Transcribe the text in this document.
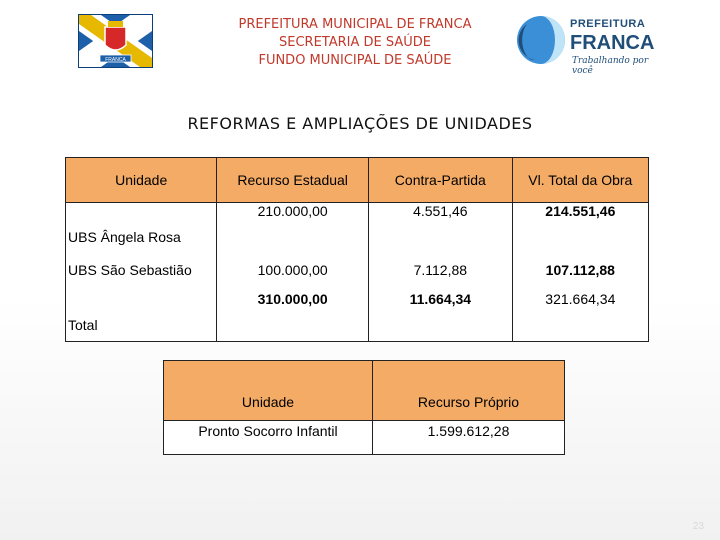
FRANCA
PREFEITURA MUNICIPAL DE FRANCA
SECRETARIA DE SAÚDE
FUNDO MUNICIPAL DE SAÚDE
PREFEITURA
FRANCA
Trabalhando por você
REFORMAS E AMPLIAÇÕES DE UNIDADES
Unidade	Recurso Estadual	Contra-Partida	Vl. Total da Obra
UBS Ângela Rosa	210.000,00	4.551,46	214.551,46
UBS São Sebastião	100.000,00	7.112,88	107.112,88
Total	310.000,00	11.664,34	321.664,34
Unidade	Recurso Próprio
Pronto Socorro Infantil	1.599.612,28
23
